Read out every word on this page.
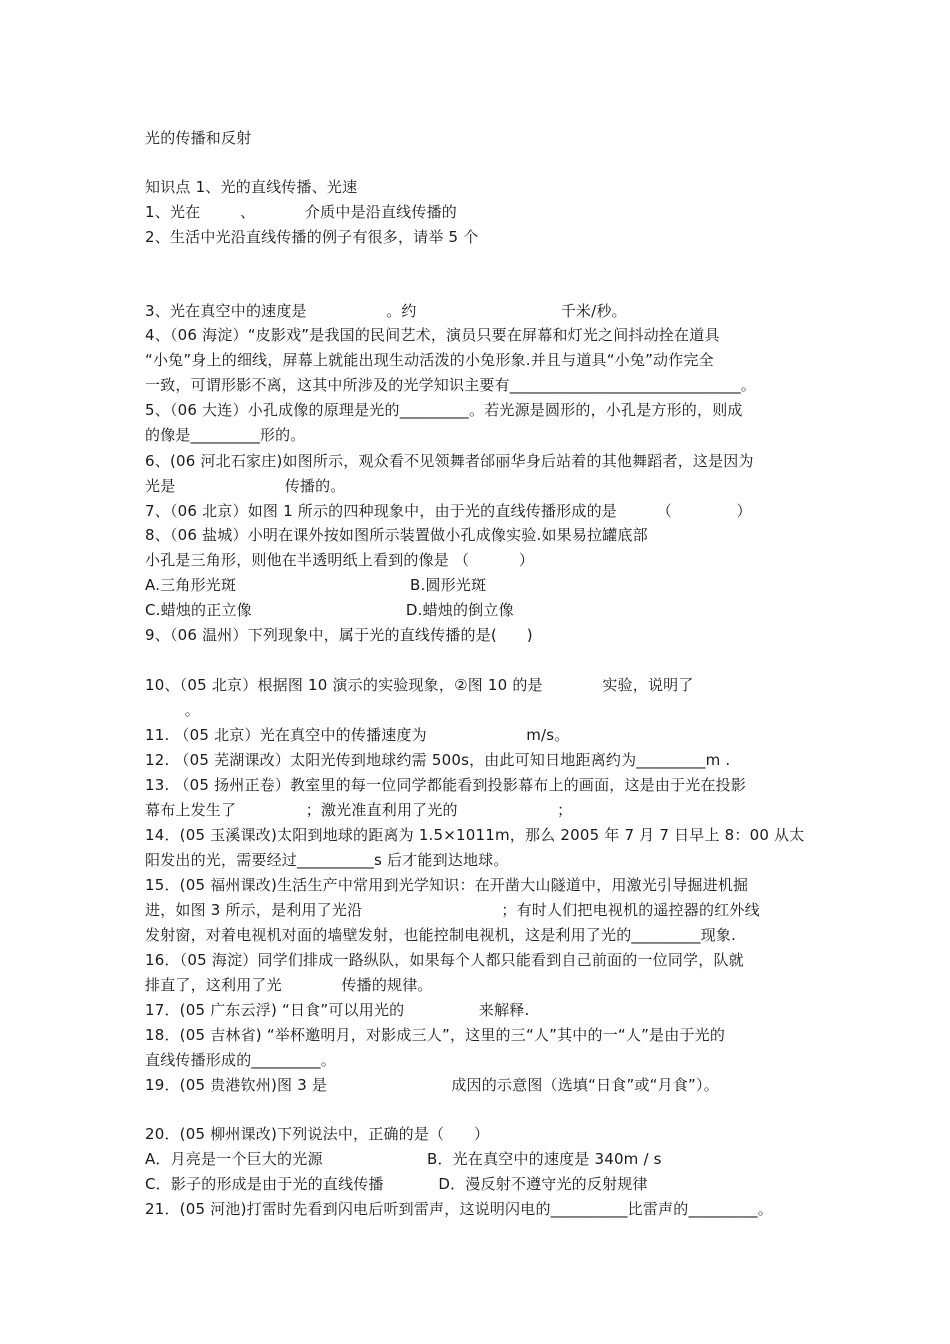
光的传播和反射
知识点 1、光的直线传播、光速
1、光在        、          介质中是沿直线传播的
2、生活中光沿直线传播的例子有很多，请举 5 个
3、光在真空中的速度是                。约                             千米/秒。
4、（06 海淀）“皮影戏”是我国的民间艺术，演员只要在屏幕和灯光之间抖动拴在道具
“小兔”身上的细线，屏幕上就能出现生动活泼的小兔形象.并且与道具“小兔”动作完全
一致，可谓形影不离，这其中所涉及的光学知识主要有______________________________。
5、（06 大连）小孔成像的原理是光的_________。若光源是圆形的，小孔是方形的，则成
的像是_________形的。
6、(06 河北石家庄)如图所示，观众看不见领舞者邰丽华身后站着的其他舞蹈者，这是因为
光是                      传播的。
7、（06 北京）如图 1 所示的四种现象中，由于光的直线传播形成的是        （             ）
8、（06 盐城）小明在课外按如图所示装置做小孔成像实验.如果易拉罐底部
小孔是三角形，则他在半透明纸上看到的像是 （          ）
A.三角形光斑                                   B.圆形光斑
C.蜡烛的正立像                               D.蜡烛的倒立像
9、（06 温州）下列现象中，属于光的直线传播的是(      )
10、（05 北京）根据图 10 演示的实验现象，②图 10 的是            实验，说明了
。
11. （05 北京）光在真空中的传播速度为                    m/s。
12. （05 芜湖课改）太阳光传到地球约需 500s，由此可知日地距离约为_________m .
13. （05 扬州正卷）教室里的每一位同学都能看到投影幕布上的画面，这是由于光在投影
幕布上发生了              ；激光准直利用了光的                    ；
14．(05 玉溪课改)太阳到地球的距离为 1.5×1011m，那么 2005 年 7 月 7 日早上 8：00 从太
阳发出的光，需要经过__________s 后才能到达地球。
15．(05 福州课改)生活生产中常用到光学知识：在开凿大山隧道中，用激光引导掘进机掘
进，如图 3 所示，是利用了光沿                            ；有时人们把电视机的遥控器的红外线
发射窗，对着电视机对面的墙壁发射，也能控制电视机，这是利用了光的_________现象.
16．（05 海淀）同学们排成一路纵队，如果每个人都只能看到自己前面的一位同学，队就
排直了，这利用了光            传播的规律。
17．(05 广东云浮) “日食”可以用光的               来解释.
18．(05 吉林省) “举杯邀明月，对影成三人”，这里的三“人”其中的一“人”是由于光的
直线传播形成的_________。
19．(05 贵港钦州)图 3 是                         成因的示意图（选填“日食”或“月食”）。
20．(05 柳州课改)下列说法中，正确的是（      ）
A．月亮是一个巨大的光源                     B．光在真空中的速度是 340m / s
C．影子的形成是由于光的直线传播           D．漫反射不遵守光的反射规律
21．(05 河池)打雷时先看到闪电后听到雷声，这说明闪电的__________比雷声的_________。
